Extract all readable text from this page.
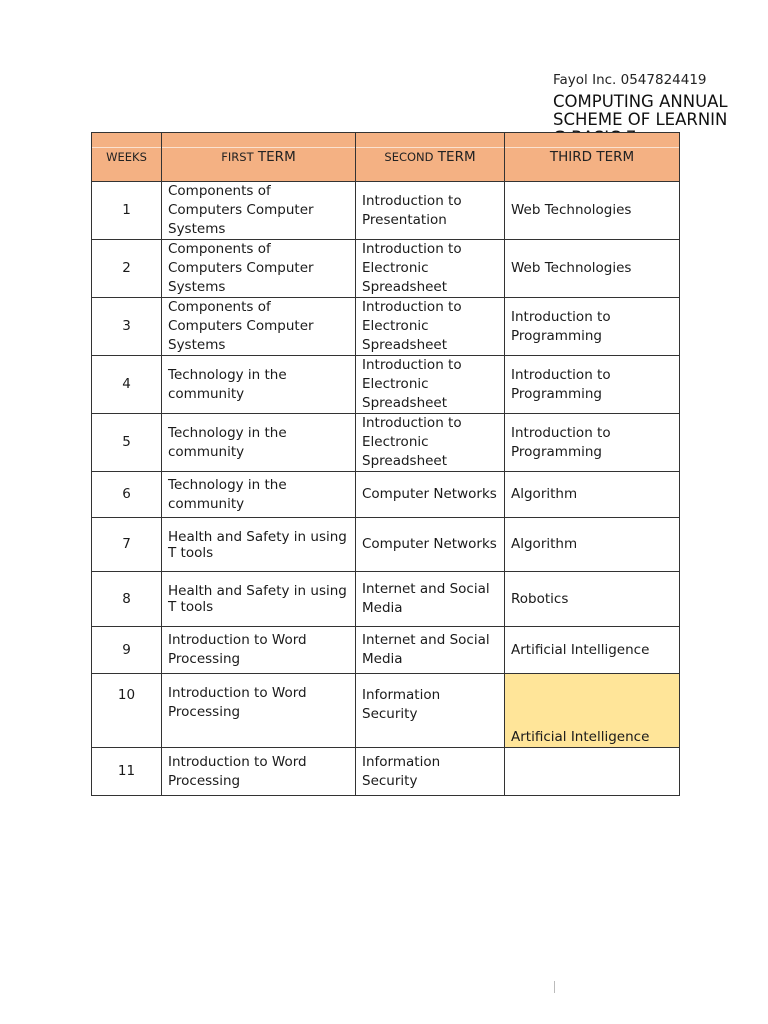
Fayol Inc. 0547824419
COMPUTING ANNUAL SCHEME OF LEARNIN
WEEKS	FIRST TERM	SECOND TERM	THIRD TERM
1	Components of Computers Computer Systems	Introduction to Presentation	Web Technologies
2	Components of Computers Computer Systems	Introduction to Electronic Spreadsheet	Web Technologies
3	Components of Computers Computer Systems	Introduction to Electronic Spreadsheet	Introduction to Programming
4	Technology in the community	Introduction to Electronic Spreadsheet	Introduction to Programming
5	Technology in the community	Introduction to Electronic Spreadsheet	Introduction to Programming
6	Technology in the community	Computer Networks	Algorithm
7	Health and Safety in using T tools	Computer Networks	Algorithm
8	Health and Safety in using T tools	Internet and Social Media	Robotics
9	Introduction to Word Processing	Internet and Social Media	Artificial Intelligence
10	Introduction to Word Processing	Information Security	Artificial Intelligence
11	Introduction to Word Processing	Information Security	
